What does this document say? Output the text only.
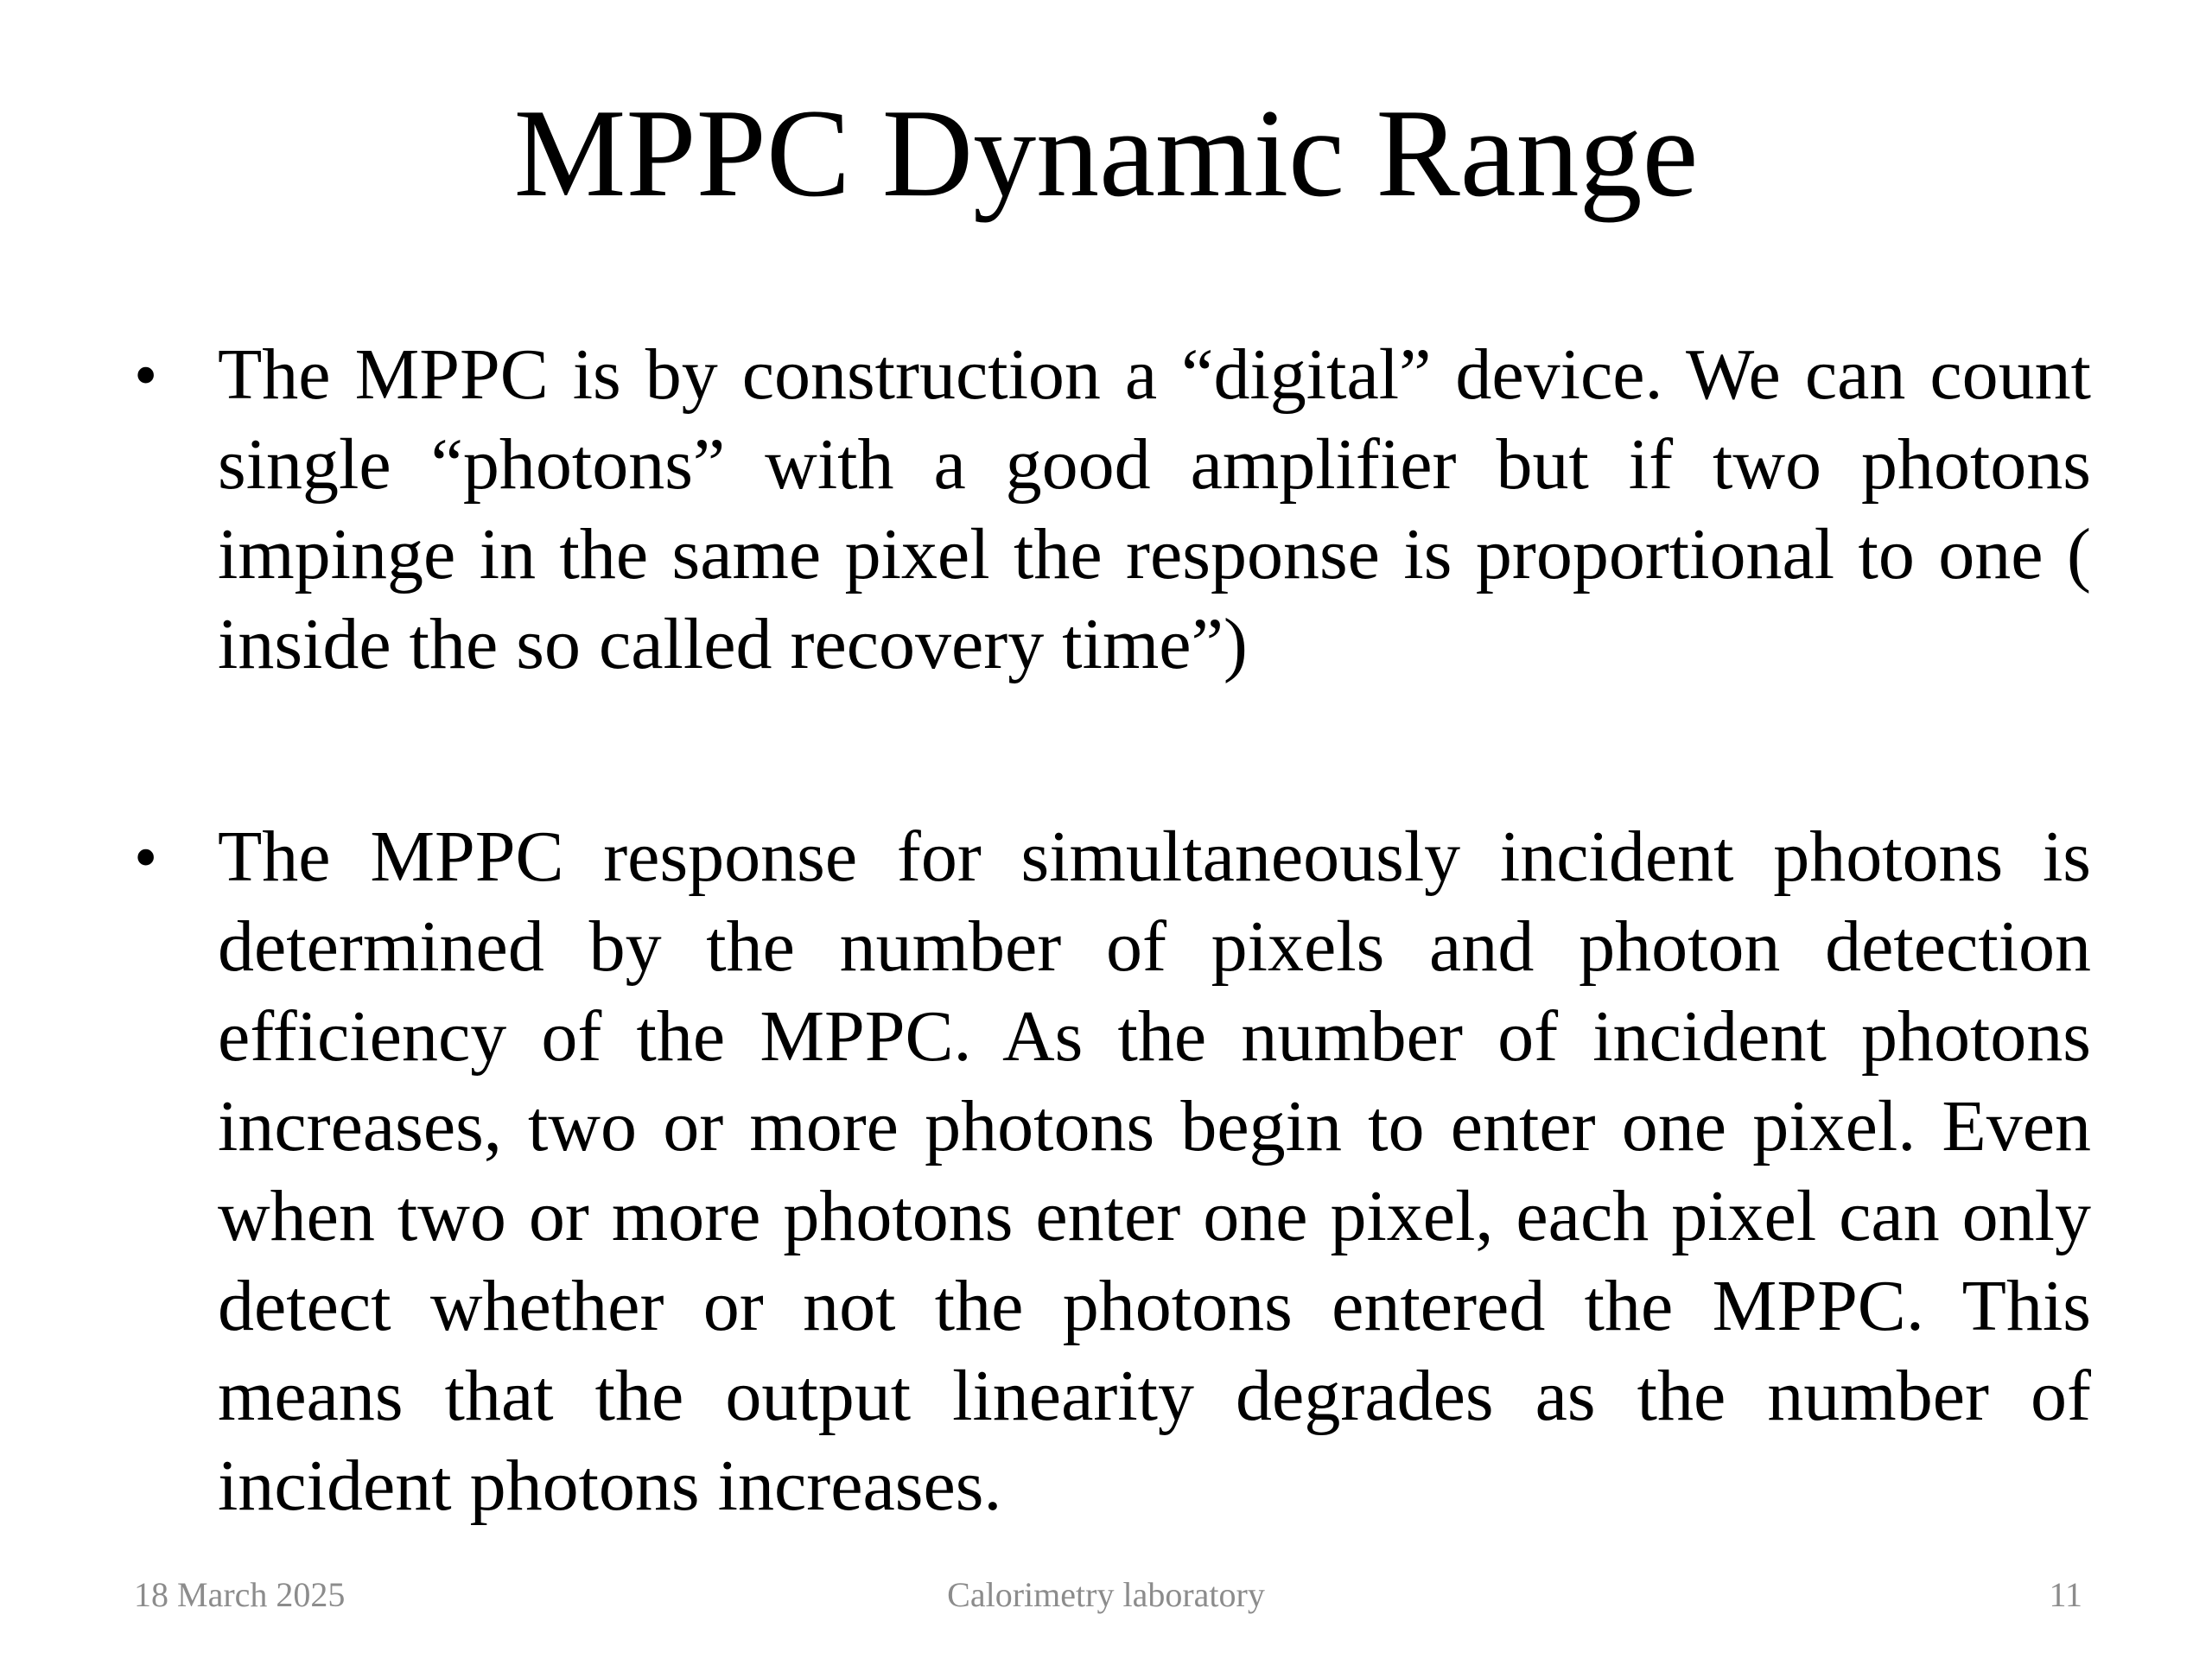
MPPC Dynamic Range
• The MPPC is by construction a “digital” device. We can count single “photons” with a good amplifier but if two photons impinge in the same pixel the response is proportional to one ( inside the so called recovery time”)
• The MPPC response for simultaneously incident photons is determined by the number of pixels and photon detection efficiency of the MPPC. As the number of incident photons increases, two or more photons begin to enter one pixel. Even when two or more photons enter one pixel, each pixel can only detect whether or not the photons entered the MPPC. This means that the output linearity degrades as the number of incident photons increases.
18 March 2025	Calorimetry laboratory	11
